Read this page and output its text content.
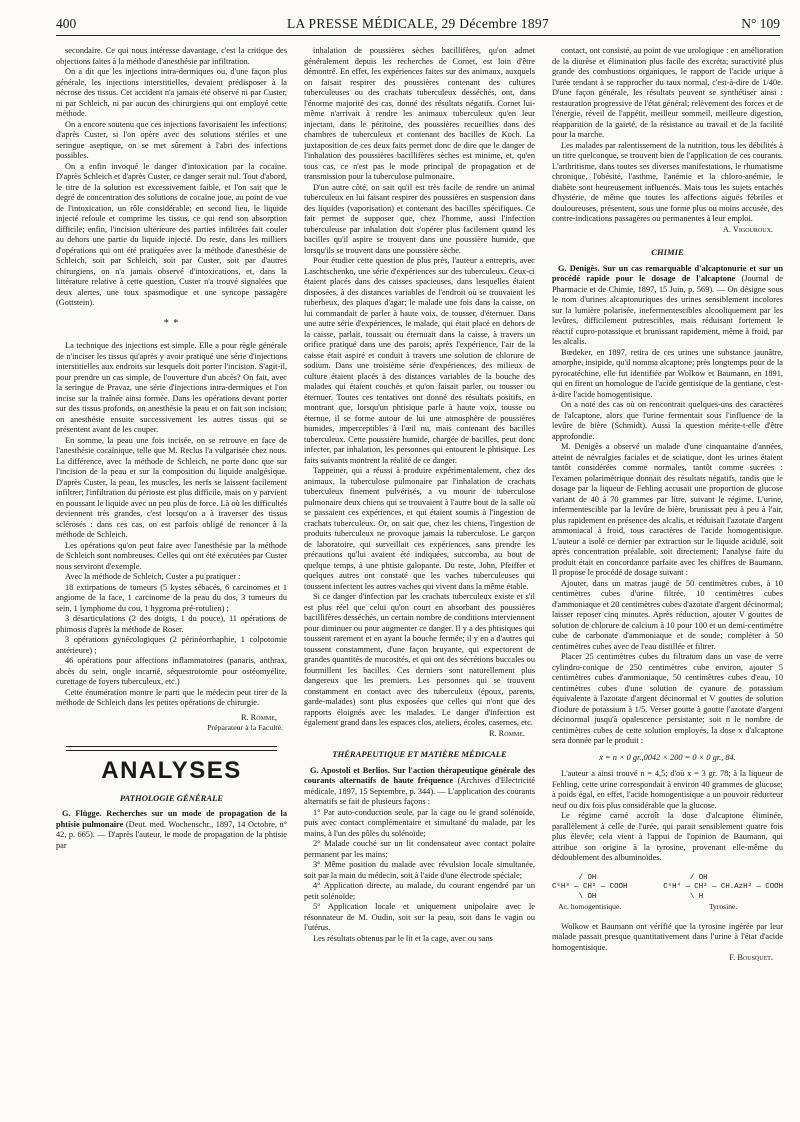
400	LA PRESSE MÉDICALE, 29 Décembre 1897	N° 109

secondaire. Ce qui nous intéresse davantage, c'est la critique des objections faites à la méthode d'anesthésie par infiltration.

On a dit que les injections intra-dermiques ou, d'une façon plus générale, les injections interstitielles, devaient prédisposer à la nécrose des tissus. Cet accident n'a jamais été observé ni par Custer, ni par Schleich, ni par aucun des chirurgiens qui ont employé cette méthode.

On a encore soutenu que ces injections favorisaient les infections; d'après Custer, si l'on opère avec des solutions stériles et une seringue aseptique, on se met sûrement à l'abri des infections possibles.

On a enfin invoqué le danger d'intoxication par la cocaïne. D'après Schleich et d'après Custer, ce danger serait nul. Tout d'abord, le titre de la solution est excessivement faible, et l'on sait que le degré de concentration des solutions de cocaïne joue, au point de vue de l'intoxication, un rôle considérable; en second lieu, le liquide injecté refoule et comprime les tissus, ce qui rend son absorption difficile; enfin, l'incision ultérieure des parties infiltrées fait couler au dehors une partie du liquide injecté. Du reste, dans les milliers d'opérations qui ont été pratiquées avec la méthode d'anesthésie de Schleich, soit par Schleich, soit par Custer, soit par d'autres chirurgiens, on n'a jamais observé d'intoxications, et, dans la littérature relative à cette question, Custer n'a trouvé signalées que deux alertes, une toux spasmodique et une syncope passagère (Gottstein).

* *

La technique des injections est simple. Elle a pour règle générale de n'inciser les tissus qu'après y avoir pratiqué une série d'injections interstitielles aux endroits sur lesquels doit porter l'incision. S'agit-il, pour prendre un cas simple, de l'ouverture d'un abcès? On fait, avec la seringue de Pravaz, une série d'injections intra-dermiques et l'on incise sur la traînée ainsi formée. Dans les opérations devant porter sur des tissus profonds, on anesthésie la peau et on fait son incision; on anesthésie ensuite successivement les autres tissus qui se présentent avant de les couper.

En somme, la peau une fois incisée, on se retrouve en face de l'anesthésie cocaïnique, telle que M. Reclus l'a vulgarisée chez nous. La différence, avec la méthode de Schleich, ne porte donc que sur l'incision de la peau et sur la composition du liquide analgésique. D'après Custer, la peau, les muscles, les nerfs se laissent facilement infiltrer; l'infiltration du périoste est plus difficile, mais on y parvient en poussant le liquide avec un peu plus de force. Là où les difficultés deviennent très grandes, c'est lorsqu'on a à traverser des tissus sclérosés : dans ces cas, on est parfois obligé de renoncer à la méthode de Schleich.

Les opérations qu'on peut faire avec l'anesthésie par la méthode de Schleich sont nombreuses. Celles qui ont été exécutées par Custer nous serviront d'exemple.

Avec la méthode de Schleich, Custer a pu pratiquer :

18 extirpations de tumeurs (5 kystes sébacés, 6 carcinomes et 1 angiome de la face, 1 carcinome de la peau du dos, 3 tumeurs du sein, 1 lymphome du cou, 1 hygroma pré-rotulien) ;

3 désarticulations (2 des doigts, 1 du pouce), 11 opérations de phimosis d'après la méthode de Roser.

3 opérations gynécologiques (2 périnéorrhaphie, 1 colpotomie antérieure) ;

46 opérations pour affections inflammatoires (panaris, anthrax, abcès du sein, ongle incarné, séquestrotomie pour ostéomyélite, curettage de foyers tuberculeux, etc.)

Cette énumération montre le parti que le médecin peut tirer de la méthode de Schleich dans les petites opérations de chirurgie.

R. Romme,
Préparateur à la Faculté.
ANALYSES
PATHOLOGIE GÉNÉRALE

G. Flügge. Recherches sur un mode de propagation de la phtisie pulmonaire (Deut. med. Wochenschr., 1897, 14 Octobre, n° 42, p. 665). — D'après l'auteur, le mode de propagation de la phtisie par

inhalation de poussières sèches bacillifères, qu'on admet généralement depuis les recherches de Cornet, est loin d'être démontré. En effet, les expériences faites sur des animaux, auxquels on faisait respirer des poussières contenant des cultures tuberculeuses ou des crachats tuberculeux desséchés, ont, dans l'énorme majorité des cas, donné des résultats négatifs. Cornet lui-même n'arrivait à rendre les animaux tuberculeux qu'en leur injectant, dans le péritoine, des poussières recueillies dans des chambres de tuberculeux et contenant des bacilles de Koch. La juxtaposition de ces deux faits permet donc de dire que le danger de l'inhalation des poussières bacillifères sèches est minime, et, qu'en tous cas, ce n'est pas le mode principal de propagation et de transmission pour la tuberculose pulmonaire.

D'un autre côté, on sait qu'il est très facile de rendre un animal tuberculeux en lui faisant respirer des poussières en suspension dans des liquides (vaporisation) et contenant des bacilles spécifiques. Ce fait permet de supposer que, chez l'homme, aussi l'infection tuberculeuse par inhalation doit s'opérer plus facilement quand les bacilles qu'il aspire se trouvent dans une poussière humide, que lorsqu'ils se trouvent dans une poussière sèche.

Pour étudier cette question de plus près, l'auteur a entrepris, avec Laschtschenko, une série d'expériences sur des tuberculeux. Ceux-ci étaient placés dans des caisses spacieuses, dans lesquelles étaient disposées, à des distances variables de l'endroit où se trouvaient les tuberbeux, des plaques d'agar; le malade une fois dans la caisse, on lui commandait de parler à haute voix, de tousser, d'éternuer. Dans une autre série d'expériences, le malade, qui était placé en dehors de la caisse, parlait, toussait ou éternuait dans la caisse, à travers un orifice pratiqué dans une des parois; après l'expérience, l'air de la caisse était aspiré et conduit à travers une solution de chlorure de sodium. Dans une troisième série d'expériences, des milieux de culture étaient placés à des distances variables de la bouche des malades qui étaient couchés et qu'on faisait parler, ou tousser ou éternuer. Toutes ces tentatives ont donné des résultats positifs, en montrant que, lorsqu'un phtisique parle à haute voix, tousse ou éternue, il se forme autour de lui une atmosphère de poussières humides, imperceptibles à l'œil nu, mais contenant des bacilles tuberculeux. Cette poussière humide, chargée de bacilles, peut donc infecter, par inhalation, les personnes qui entourent le phtisique. Les faits suivants montrent la réalité de ce danger.

Tappeiner, qui a réussi à produire expérimentalement, chez des animaux, la tuberculose pulmonaire par l'inhalation de crachats tuberculeux finement pulvérisés, a vu mourir de tuberculose pulmonaire deux chiens qui se trouvaient à l'autre bout de la salle où se passaient ces expériences, et qui étaient soumis à l'ingestion de crachats tuberculeux. Or, on sait que, chez les chiens, l'ingestion de produits tuberculeux ne provoque jamais la tuberculose. Le garçon de laboratoire, qui surveillait ces expériences, sans prendre les précautions qu'lui avaient été indiquées, succomba, au bout de quelque temps, à une phtisie galopante. Du reste, John, Pfeiffer et quelques autres ont constaté que les vaches tuberculeuses qui toussent infectent les autres vaches qui vivent dans la même étable.

Si ce danger d'infection par les crachats tuberculeux existe et s'il est plus réel que celui qu'on court en absorbant des poussières bacillifères desséchés, un certain nombre de conditions interviennent pour diminuer ou pour augmenter ce danger. Il y a des phtisiques qui toussent rarement et en ayant la bouche fermée; il y en a d'autres qui toussent constamment, d'une façon bruyante, qui expectorent de grandes quantités de mucosités, et qui ont des sécrétions buccales ou fourmillent les bacilles. Ces derniers sont naturellement plus dangereux que les premiers. Les personnes qui se trouvent constamment en contact avec des tuberculeux (époux, parents, garde-malades) sont plus exposées que celles qui n'ont que des rapports éloignés avec les malades. Le danger d'infection est également grand dans les espaces clos, ateliers, écoles, casernes, etc.

R. Romme.
THÉRAPEUTIQUE ET MATIÈRE MÉDICALE

G. Apostoli et Berlios. Sur l'action thérapeutique générale des courants alternatifs de haute fréquence (Archives d'Electricité médicale, 1897, 15 Septembre, p. 344). — L'application des courants alternatifs se fait de plusieurs façons :

1° Par auto-conduction seule, par la cage ou le grand solénoïde, puis avec contact complémentaire et simultané du malade, par les mains, à l'un des pôles du solénoïde;

2° Malade couché sur un lit condensateur avec contact polaire permanent par les mains;

3° Même position du malade avec révulsion locale simultanée, soit par la main du médecin, soit à l'aide d'une électrode spéciale;

4° Application directe, au malade, du courant engendré par un petit solénoïde;

5° Application locale et uniquement unipolaire avec le résonnateur de M. Oudin, soit sur la peau, soit dans le vagin ou l'utérus.

Les résultats obtenus par le lit et la cage, avec ou sans

contact, ont consisté, au point de vue urologique : en amélioration de la diurèse et élimination plus facile des excréta; suractivité plus grande des combustions organiques, le rapport de l'acide urique à l'urée tendant à se rapprocher du taux normal, c'est-à-dire de 1/40e. D'une façon générale, les résultats peuvent se synthétiser ainsi : restauration progressive de l'état général; relèvement des forces et de l'énergie, réveil de l'appétit, meilleur sommeil, meilleure digestion, réapparition de la gaieté, de la résistance au travail et de la facilité pour la marche.

Les malades par ralentissement de la nutrition, tous les débilités à un titre quelconque, se trouvent bien de l'application de ces courants. L'arthritisme, dans toutes ses diverses manifestations, le rhumatisme chronique, l'obésité, l'asthme, l'anémie et la chloro-anémie, le diabète sont heureusement influencés. Mais tous les sujets entachés d'hystérie, de même que toutes les affections aiguës fébriles et douloureuses, présentent, sous une forme plus ou moins accusée, des contre-indications passagères ou permanentes à leur emploi.

A. Vigouroux.
CHIMIE

G. Denigès. Sur un cas remarquable d'alcaptonurie et sur un procédé rapide pour le dosage de l'alcaptone (Journal de Pharmacie et de Chimie, 1897, 15 Juin, p. 569). — On désigne sous le nom d'urines alcaptonuriques des urines sensiblement incolores sur la lumière polarisée, inefermentescibles alcooliquement par les levûres, difficilement putrescibles, mais réduisant fortement le réactif cupro-potassique et brunissant rapidement, même à froid, par les alcalis.

Bœdeker, en 1897, retira de ces urines une substance jaunâtre, amorphe, insipide, qu'il nomma alcaptone; près longtemps pour de la pyrocatéchine, elle fut identifiée par Wolkow et Baumann, en 1891, qui en firent un homologue de l'acide gentisique de la gentiane, c'est-à-dire l'acide homogentisique.

On a noté des cas où on rencontrait quelques-uns des caractères de l'alcaptone, alors que l'urine fermentait sous l'influence de la levûre de bière (Schmidt). Aussi la question mérite-t-elle d'être approfondie.

M. Denigès a observé un malade d'une cinquantaine d'années, atteint de névralgies faciales et de sciatique, dont les urines étaient tantôt considérées comme normales, tantôt comme sucrées : l'examen polarimétrique donnait des résultats négatifs, tandis que le dosage par la liqueur de Fehling accusait une proportion de glucose variant de 40 à 70 grammes par litre, suivant le régime. L'urine, infermentescible par la levûre de bière, brunissait peu à peu à l'air, plus rapidement en présence des alcalis, et réduisait l'azotate d'argent ammoniacal à froid, tous caractères de l'acide homogentisique. L'auteur a isolé ce dernier par extraction sur le liquide acidulé, soit après concentration préalable, soit directement; l'analyse faite du produit était en concordance parfaite avec les chiffres de Baumann. Il propose le procédé de dosage suivant :

Ajouter, dans un matras jaugé de 50 centimètres cubes, à 10 centimètres cubes d'urine filtrée, 10 centimètres cubes d'ammoniaque et 20 centimètres cubes d'azotate d'argent décinormal; laisser reposer cinq minutes. Après réduction, ajouter V gouttes de solution de chlorure de calcium à 10 pour 100 et un demi-centimètre cube de carbonate d'ammoniaque et de soude; compléter à 50 centimètres cubes avec de l'eau distillée et filtrer.

Placer 25 centimètres cubes du filtratum dans un vase de verre cylindro-conique de 250 centimètres cube environ, ajouter 5 centimètres cubes d'ammoniaque, 50 centimètres cubes d'eau, 10 centimètres cubes d'une solution de cyanure de potassium équivalente à l'azotate d'argent décinormal et V gouttes de solution d'iodure de potassium à 1/5. Verser goutte à goutte l'azotate d'argent décinormal jusqu'à opalescence persistante; soit n le nombre de centimètres cubes de cette solution employés, la dose x d'alcaptone sera donnée par le produit :

x = n × 0 gr.,0042 × 200 = 0 × 0 gr., 84.

L'auteur a ainsi trouvé n = 4,5; d'où x = 3 gr. 78; à la liqueur de Fehling, cette urine correspondait à environ 40 grammes de glucose; à poids égal, en effet, l'acide homogentisique a un pouvoir réducteur neuf ou dix fois plus considérable que la glucose.

Le régime carné accroît la dose d'alcaptone éliminée, parallèlement à celle de l'urée, qui parait sensiblement quatre fois plus élevée; cela vient à l'appui de l'opinion de Baumann, qui attribue son origine à la tyrosine, provenant elle-même du dédoublement des albuminoïdes.

/ OH
C⁶H³ — CH² — COOH
\ OH
Ac. homogentisique.
/ OH
C⁶H⁴ — CH² — CH.AzH² — COOH
\ H
Tyrosine.

Wolkow et Baumann ont vérifié que la tyrosine ingérée par leur malade passait presque quantitativement dans l'urine à l'état d'acide homogentisique.

F. Bousquet.
